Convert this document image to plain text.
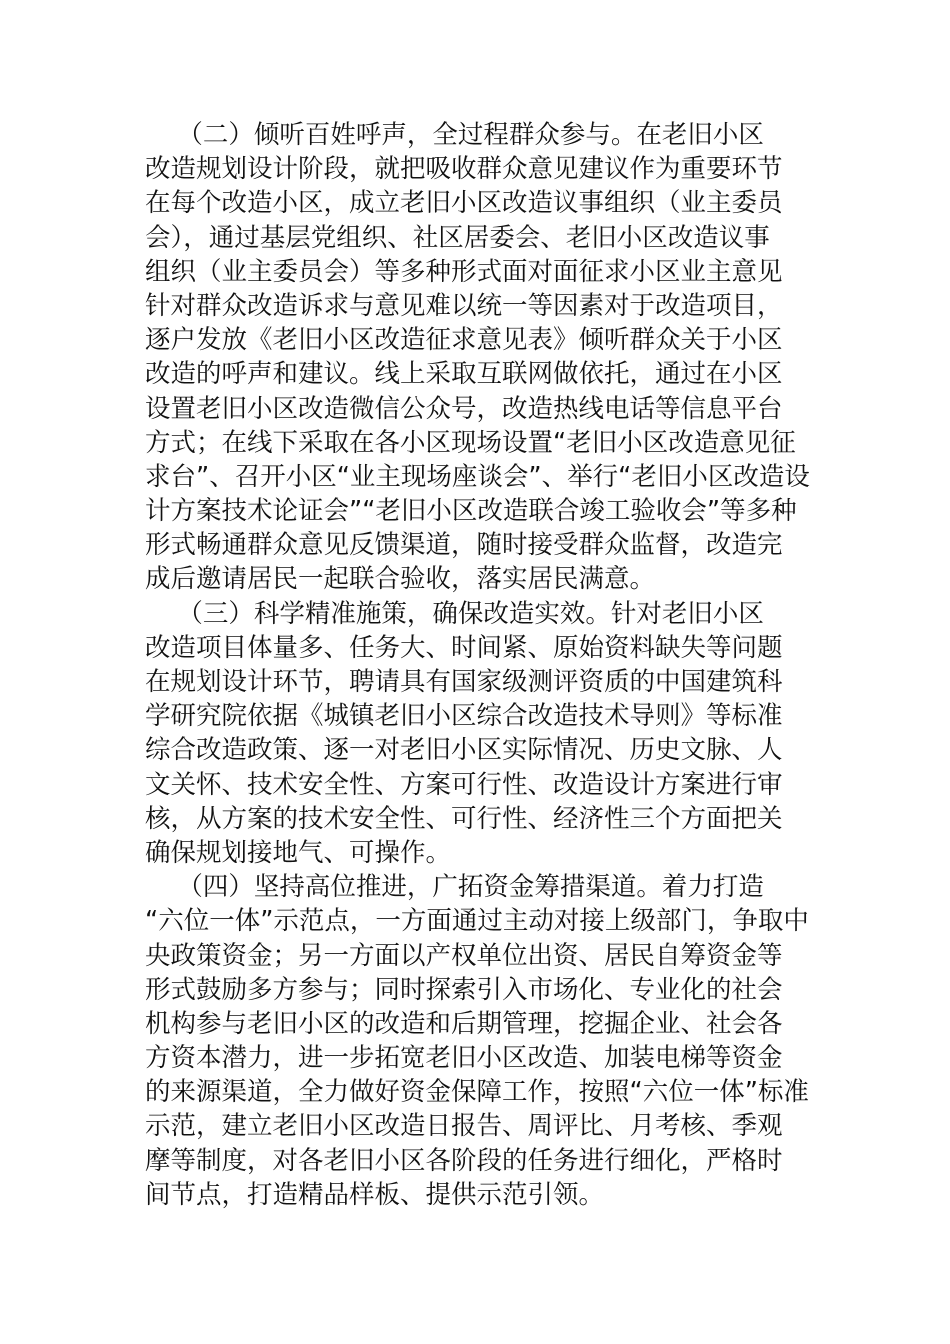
（二）倾听百姓呼声，全过程群众参与。在老旧小区
改造规划设计阶段，就把吸收群众意见建议作为重要环节
在每个改造小区，成立老旧小区改造议事组织（业主委员
会），通过基层党组织、社区居委会、老旧小区改造议事
组织（业主委员会）等多种形式面对面征求小区业主意见
针对群众改造诉求与意见难以统一等因素对于改造项目，
逐户发放《老旧小区改造征求意见表》倾听群众关于小区
改造的呼声和建议。线上采取互联网做依托，通过在小区
设置老旧小区改造微信公众号，改造热线电话等信息平台
方式；在线下采取在各小区现场设置“老旧小区改造意见征
求台”、召开小区“业主现场座谈会”、举行“老旧小区改造设
计方案技术论证会”“老旧小区改造联合竣工验收会”等多种
形式畅通群众意见反馈渠道，随时接受群众监督，改造完
成后邀请居民一起联合验收，落实居民满意。
（三）科学精准施策，确保改造实效。针对老旧小区
改造项目体量多、任务大、时间紧、原始资料缺失等问题
在规划设计环节，聘请具有国家级测评资质的中国建筑科
学研究院依据《城镇老旧小区综合改造技术导则》等标准
综合改造政策、逐一对老旧小区实际情况、历史文脉、人
文关怀、技术安全性、方案可行性、改造设计方案进行审
核，从方案的技术安全性、可行性、经济性三个方面把关
确保规划接地气、可操作。
（四）坚持高位推进，广拓资金筹措渠道。着力打造
“六位一体”示范点，一方面通过主动对接上级部门，争取中
央政策资金；另一方面以产权单位出资、居民自筹资金等
形式鼓励多方参与；同时探索引入市场化、专业化的社会
机构参与老旧小区的改造和后期管理，挖掘企业、社会各
方资本潜力，进一步拓宽老旧小区改造、加装电梯等资金
的来源渠道，全力做好资金保障工作，按照“六位一体”标准
示范，建立老旧小区改造日报告、周评比、月考核、季观
摩等制度，对各老旧小区各阶段的任务进行细化，严格时
间节点，打造精品样板、提供示范引领。
